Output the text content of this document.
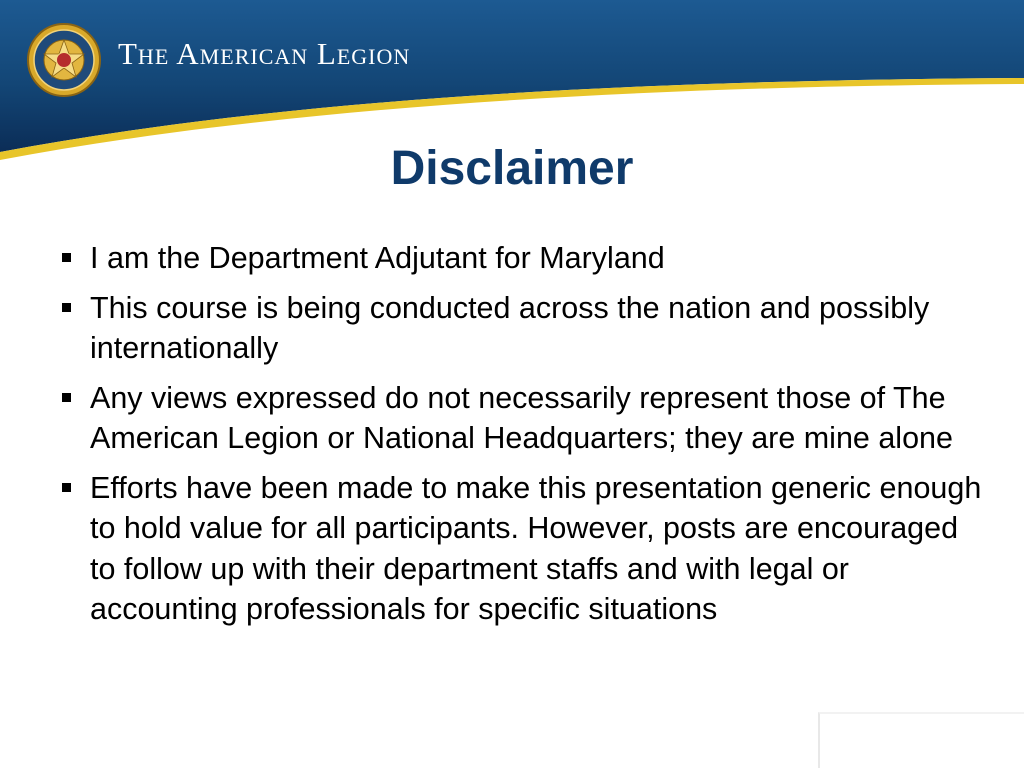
The American Legion
Disclaimer
I am the Department Adjutant for Maryland
This course is being conducted across the nation and possibly internationally
Any views expressed do not necessarily represent those of The American Legion or National Headquarters; they are mine alone
Efforts have been made to make this presentation generic enough to hold value for all participants. However, posts are encouraged to follow up with their department staffs and with legal or accounting professionals for specific situations
